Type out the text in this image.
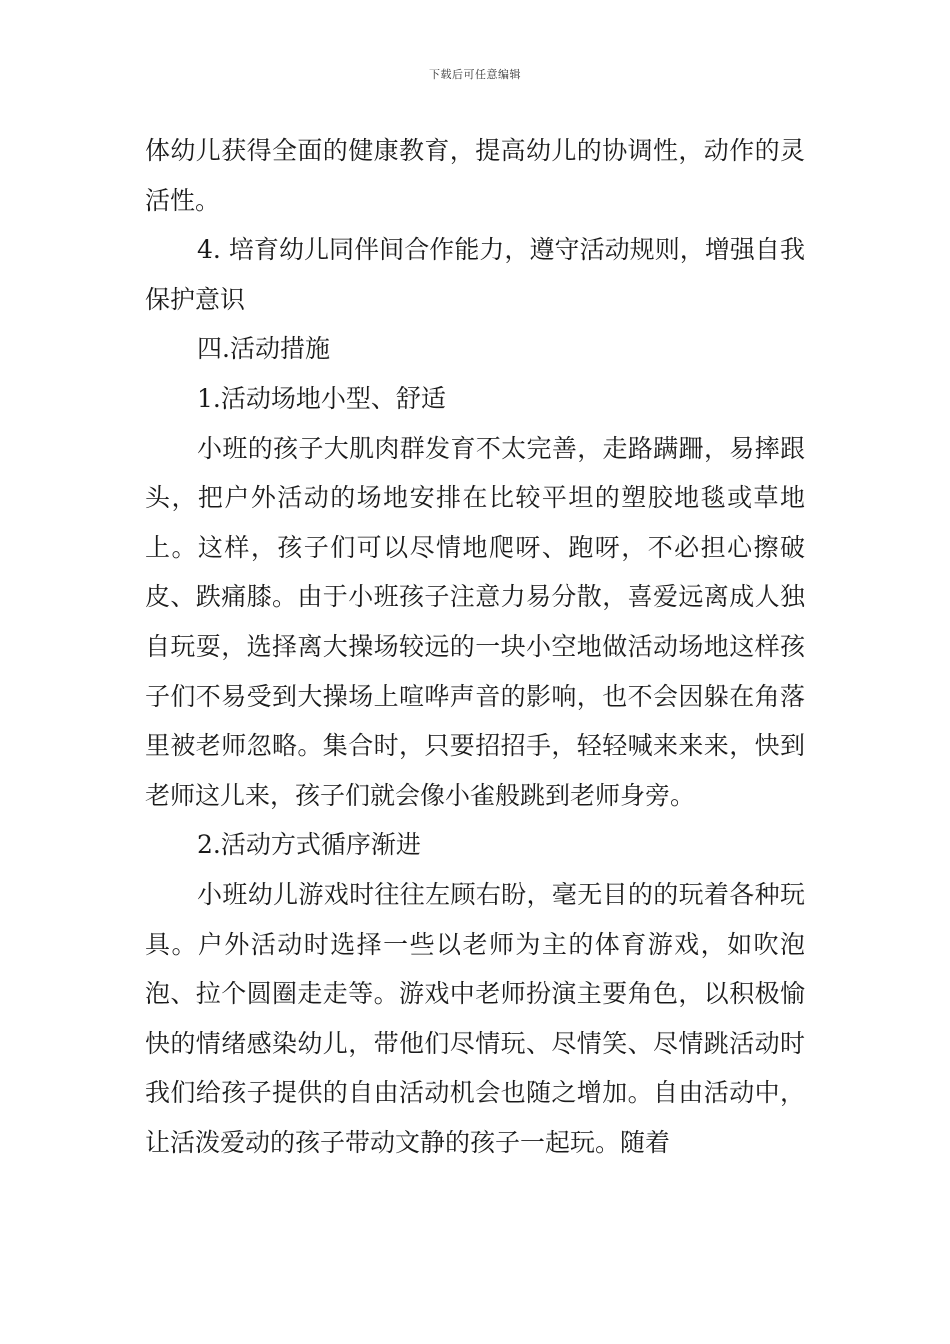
下载后可任意编辑

体幼儿获得全面的健康教育，提高幼儿的协调性，动作的灵活性。

4. 培育幼儿同伴间合作能力，遵守活动规则，增强自我保护意识

四.活动措施

1.活动场地小型、舒适

小班的孩子大肌肉群发育不太完善，走路蹒跚，易摔跟头，把户外活动的场地安排在比较平坦的塑胶地毯或草地上。这样，孩子们可以尽情地爬呀、跑呀，不必担心擦破皮、跌痛膝。由于小班孩子注意力易分散，喜爱远离成人独自玩耍，选择离大操场较远的一块小空地做活动场地这样孩子们不易受到大操场上喧哗声音的影响，也不会因躲在角落里被老师忽略。集合时，只要招招手，轻轻喊来来来，快到老师这儿来，孩子们就会像小雀般跳到老师身旁。

2.活动方式循序渐进

小班幼儿游戏时往往左顾右盼，毫无目的的玩着各种玩具。户外活动时选择一些以老师为主的体育游戏，如吹泡泡、拉个圆圈走走等。游戏中老师扮演主要角色，以积极愉快的情绪感染幼儿，带他们尽情玩、尽情笑、尽情跳活动时我们给孩子提供的自由活动机会也随之增加。自由活动中，让活泼爱动的孩子带动文静的孩子一起玩。随着
